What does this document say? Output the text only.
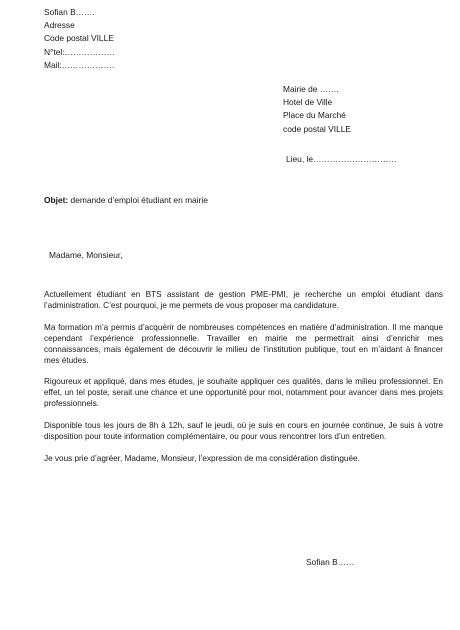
Sofian B…….
Adresse
Code postal VILLE
N°tel:………………
Mail:……………….
Mairie de …….
Hotel de Ville
Place du Marché
code postal VILLE
Lieu, le…………………………
Objet: demande d’emploi étudiant en mairie
Madame, Monsieur,

Actuellement étudiant en BTS assistant de gestion PME-PMI, je recherche un emploi étudiant dans l’administration. C’est pourquoi, je me permets de vous proposer ma candidature.

Ma formation m’a permis d’acquérir de nombreuses compétences en matière d’administration. Il me manque cependant l’expérience professionnelle. Travailler en mairie me permettrait ainsi d’enrichir mes connaissances, mais également de découvrir le milieu de l’institution publique, tout en m’aidant à financer mes études.

Rigoureux et appliqué, dans mes études, je souhaite appliquer ces qualités, dans le milieu professionnel. En effet, un tel poste, serait une chance et une opportunité pour moi, notamment pour avancer dans mes projets professionnels.

Disponible tous les jours de 8h à 12h, sauf le jeudi, où je suis en cours en journée continue, Je suis à votre disposition pour toute information complémentaire, ou pour vous rencontrer lors d’un entretien.

Je vous prie d’agréer, Madame, Monsieur, l’expression de ma considération distinguée.

Sofian B……
